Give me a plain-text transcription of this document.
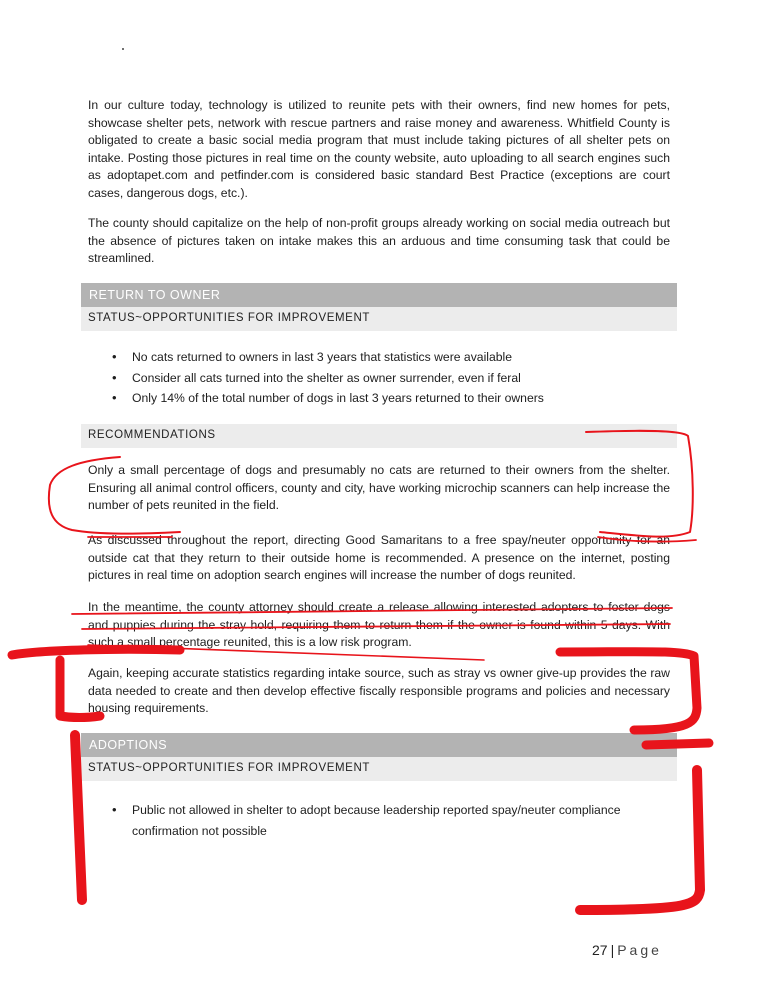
In our culture today, technology is utilized to reunite pets with their owners, find new homes for pets, showcase shelter pets, network with rescue partners and raise money and awareness. Whitfield County is obligated to create a basic social media program that must include taking pictures of all shelter pets on intake. Posting those pictures in real time on the county website, auto uploading to all search engines such as adoptapet.com and petfinder.com is considered basic standard Best Practice (exceptions are court cases, dangerous dogs, etc.).

The county should capitalize on the help of non-profit groups already working on social media outreach but the absence of pictures taken on intake makes this an arduous and time consuming task that could be streamlined.

RETURN TO OWNER
STATUS~OPPORTUNITIES FOR IMPROVEMENT
• No cats returned to owners in last 3 years that statistics were available
• Consider all cats turned into the shelter as owner surrender, even if feral
• Only 14% of the total number of dogs in last 3 years returned to their owners
RECOMMENDATIONS

Only a small percentage of dogs and presumably no cats are returned to their owners from the shelter. Ensuring all animal control officers, county and city, have working microchip scanners can help increase the number of pets reunited in the field.

As discussed throughout the report, directing Good Samaritans to a free spay/neuter opportunity for an outside cat that they return to their outside home is recommended. A presence on the internet, posting pictures in real time on adoption search engines will increase the number of dogs reunited.

In the meantime, the county attorney should create a release allowing interested adopters to foster dogs and puppies during the stray hold, requiring them to return them if the owner is found within 5 days. With such a small percentage reunited, this is a low risk program.

Again, keeping accurate statistics regarding intake source, such as stray vs owner give-up provides the raw data needed to create and then develop effective fiscally responsible programs and policies and necessary housing requirements.

ADOPTIONS
STATUS~OPPORTUNITIES FOR IMPROVEMENT
• Public not allowed in shelter to adopt because leadership reported spay/neuter compliance confirmation not possible
27 | Page
